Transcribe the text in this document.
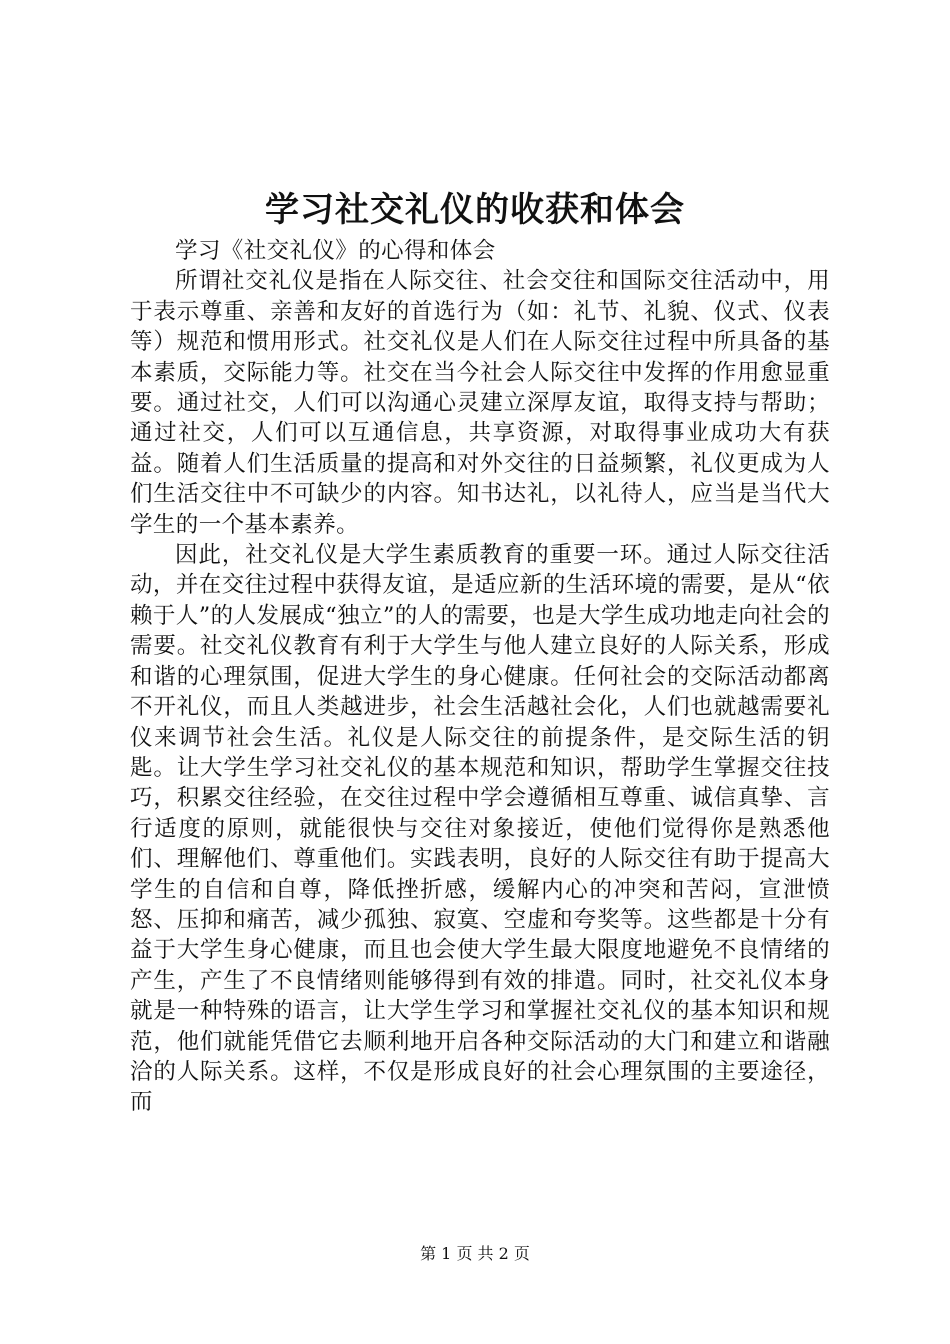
学习社交礼仪的收获和体会

学习《社交礼仪》的心得和体会

所谓社交礼仪是指在人际交往、社会交往和国际交往活动中，用于表示尊重、亲善和友好的首选行为（如：礼节、礼貌、仪式、仪表等）规范和惯用形式。社交礼仪是人们在人际交往过程中所具备的基本素质，交际能力等。社交在当今社会人际交往中发挥的作用愈显重要。通过社交，人们可以沟通心灵建立深厚友谊，取得支持与帮助；通过社交，人们可以互通信息，共享资源，对取得事业成功大有获益。随着人们生活质量的提高和对外交往的日益频繁，礼仪更成为人们生活交往中不可缺少的内容。知书达礼，以礼待人，应当是当代大学生的一个基本素养。

因此，社交礼仪是大学生素质教育的重要一环。通过人际交往活动，并在交往过程中获得友谊，是适应新的生活环境的需要，是从“依赖于人”的人发展成“独立”的人的需要，也是大学生成功地走向社会的需要。社交礼仪教育有利于大学生与他人建立良好的人际关系，形成和谐的心理氛围，促进大学生的身心健康。任何社会的交际活动都离不开礼仪，而且人类越进步，社会生活越社会化，人们也就越需要礼仪来调节社会生活。礼仪是人际交往的前提条件，是交际生活的钥匙。让大学生学习社交礼仪的基本规范和知识，帮助学生掌握交往技巧，积累交往经验，在交往过程中学会遵循相互尊重、诚信真挚、言行适度的原则，就能很快与交往对象接近，使他们觉得你是熟悉他们、理解他们、尊重他们。实践表明，良好的人际交往有助于提高大学生的自信和自尊，降低挫折感，缓解内心的冲突和苦闷，宣泄愤怒、压抑和痛苦，减少孤独、寂寞、空虚和夸奖等。这些都是十分有益于大学生身心健康，而且也会使大学生最大限度地避免不良情绪的产生，产生了不良情绪则能够得到有效的排遣。同时，社交礼仪本身就是一种特殊的语言，让大学生学习和掌握社交礼仪的基本知识和规范，他们就能凭借它去顺利地开启各种交际活动的大门和建立和谐融洽的人际关系。这样，不仅是形成良好的社会心理氛围的主要途径，而

第 1 页 共 2 页
